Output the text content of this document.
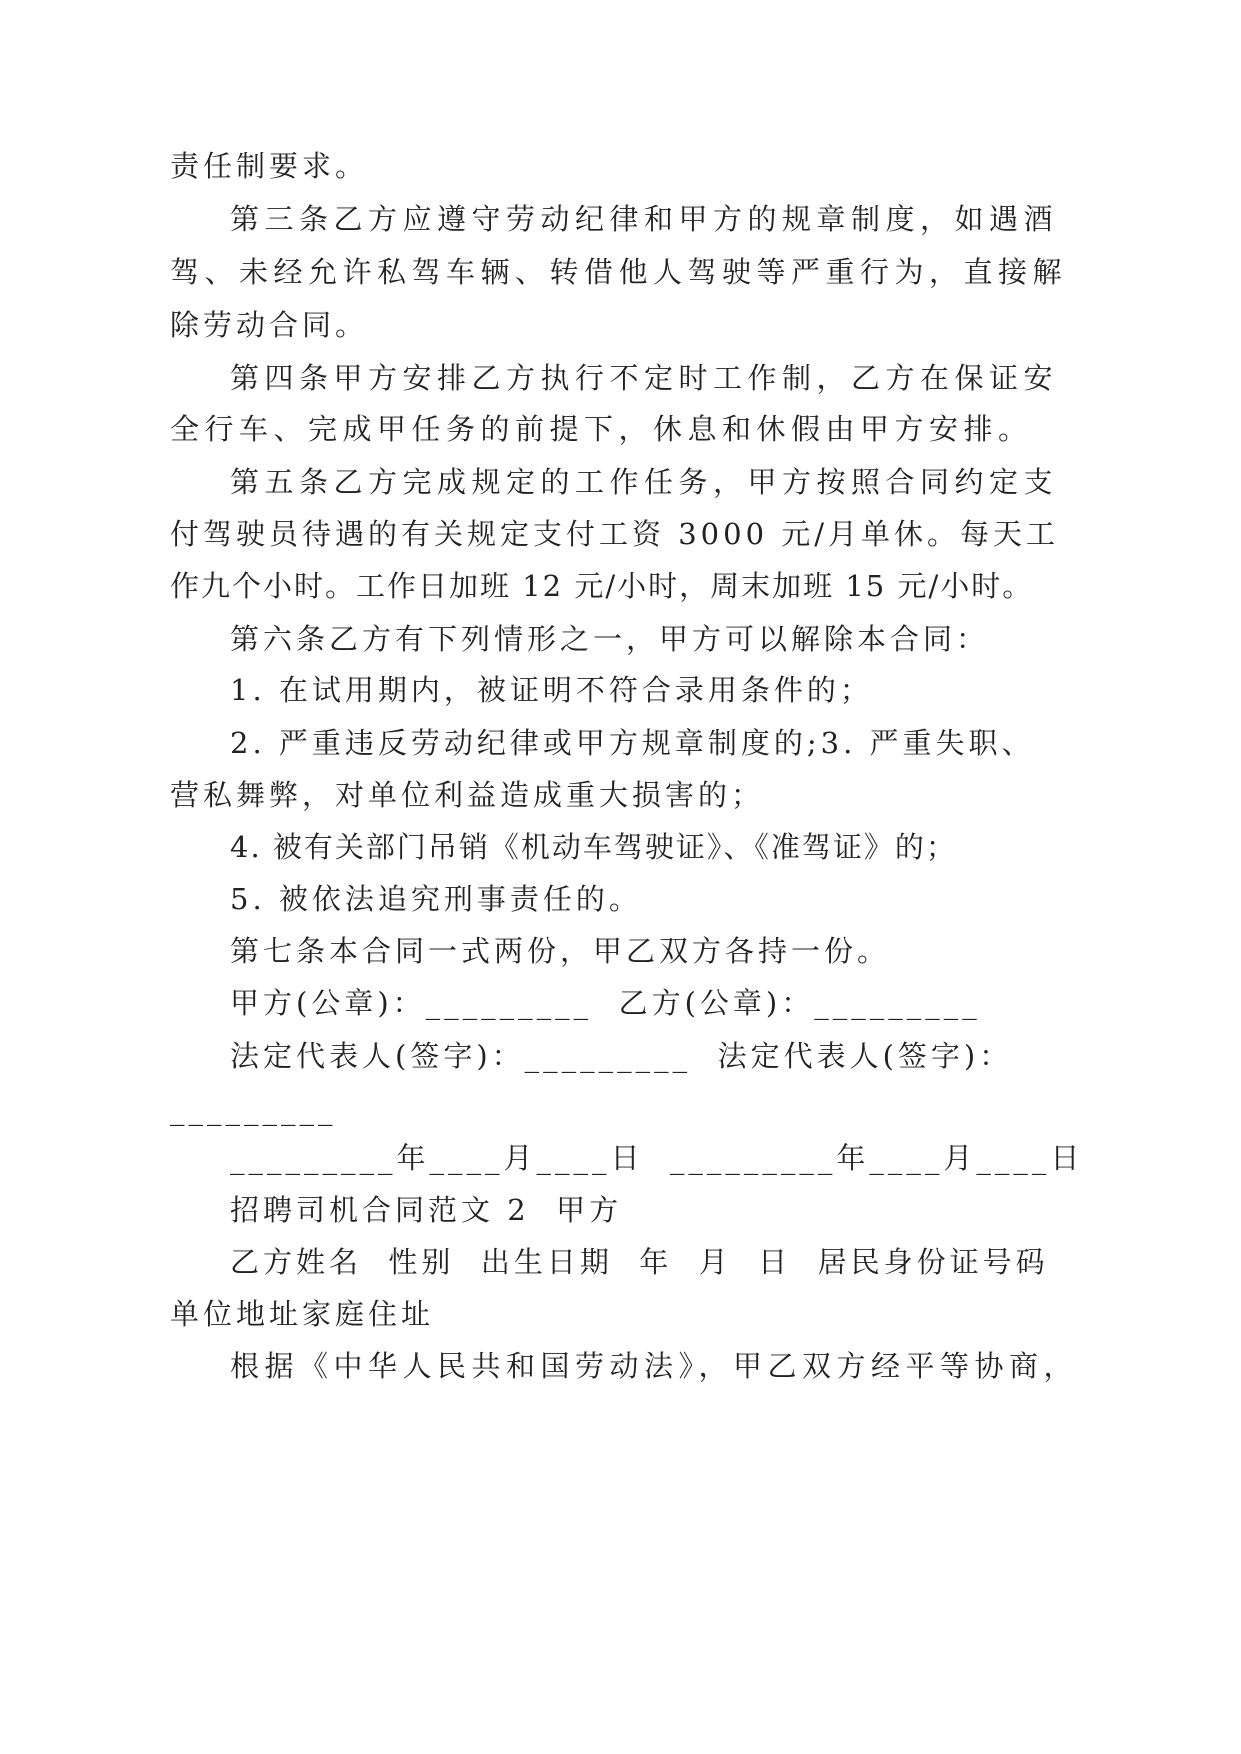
责任制要求。
第三条乙方应遵守劳动纪律和甲方的规章制度，如遇酒
驾、未经允许私驾车辆、转借他人驾驶等严重行为，直接解
除劳动合同。
第四条甲方安排乙方执行不定时工作制，乙方在保证安
全行车、完成甲任务的前提下，休息和休假由甲方安排。
第五条乙方完成规定的工作任务，甲方按照合同约定支
付驾驶员待遇的有关规定支付工资 3000 元/月单休。每天工
作九个小时。工作日加班 12 元/小时，周末加班 15 元/小时。
第六条乙方有下列情形之一，甲方可以解除本合同：
1. 在试用期内，被证明不符合录用条件的；
2. 严重违反劳动纪律或甲方规章制度的;3. 严重失职、
营私舞弊，对单位利益造成重大损害的；
4. 被有关部门吊销《机动车驾驶证》、《准驾证》的；
5. 被依法追究刑事责任的。
第七条本合同一式两份，甲乙双方各持一份。
甲方(公章)：_________  乙方(公章)：_________
法定代表人(签字)：_________  法定代表人(签字)：
_________
_________年____月____日  _________年____月____日
招聘司机合同范文 2  甲方
乙方姓名  性别  出生日期  年  月  日  居民身份证号码
单位地址家庭住址
根据《中华人民共和国劳动法》，甲乙双方经平等协商，
